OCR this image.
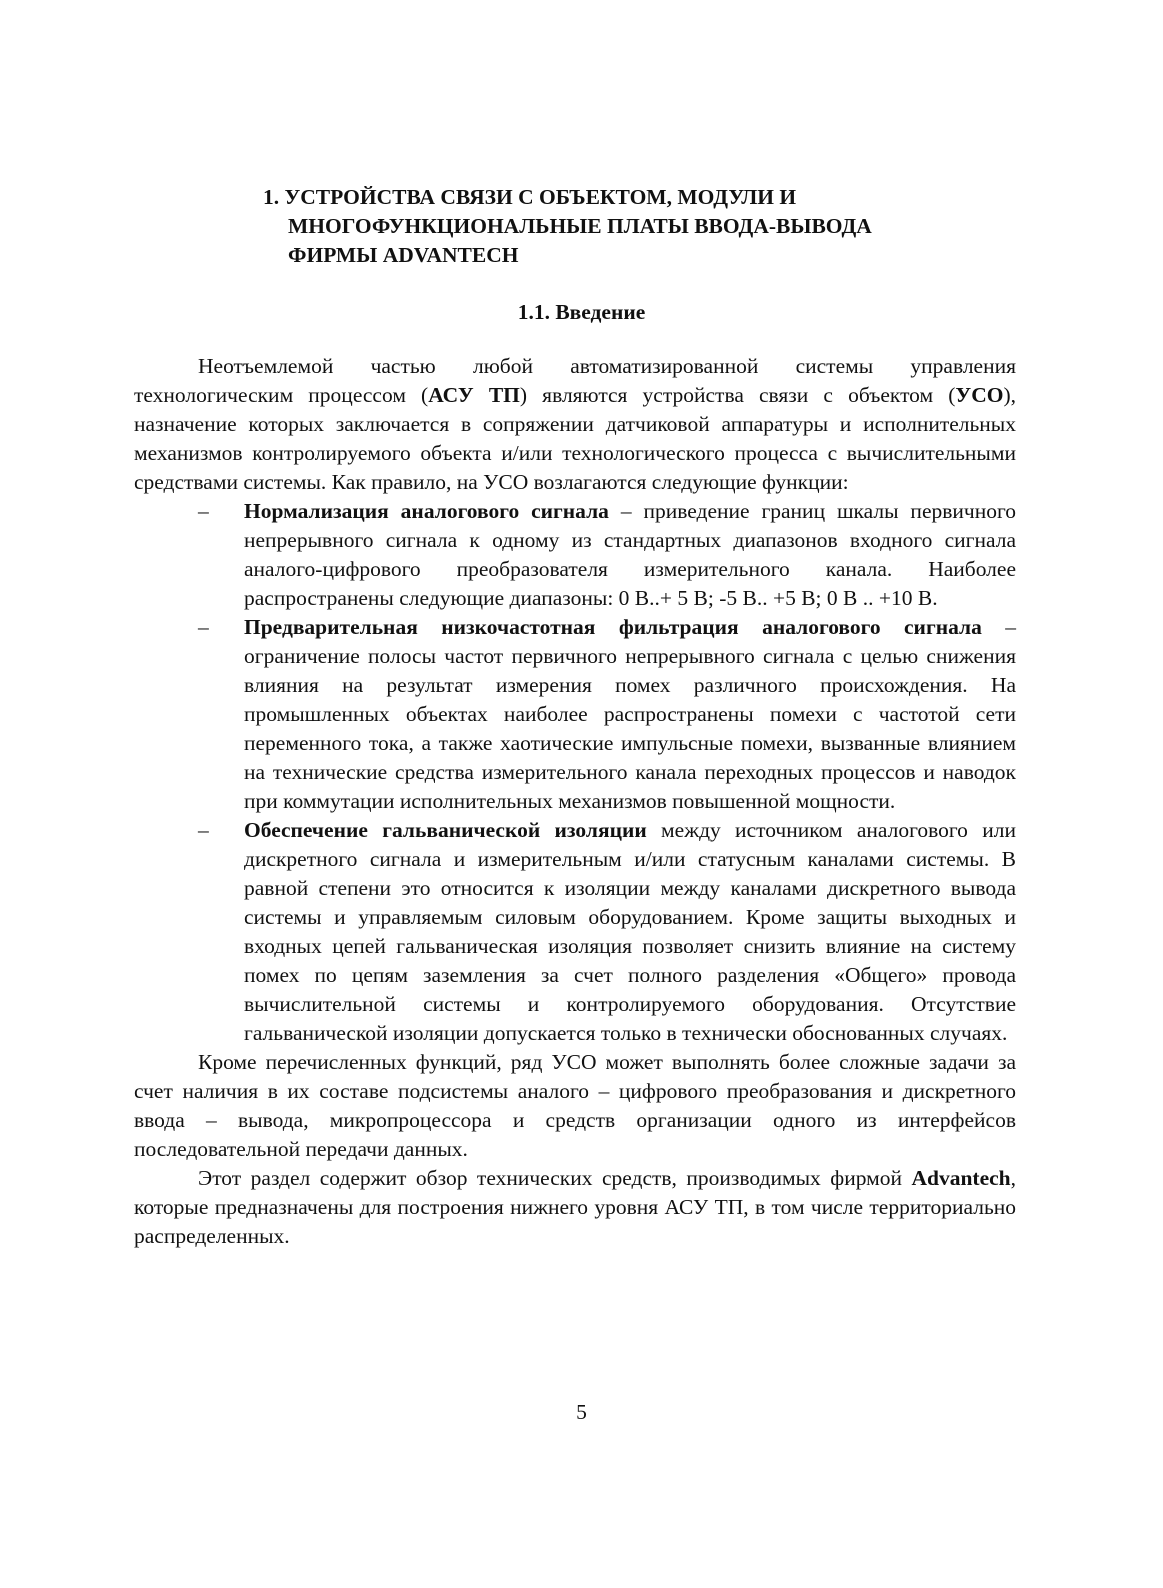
1. УСТРОЙСТВА СВЯЗИ С ОБЪЕКТОМ, МОДУЛИ И
МНОГОФУНКЦИОНАЛЬНЫЕ ПЛАТЫ ВВОДА-ВЫВОДА
ФИРМЫ ADVANTECH
1.1. Введение

Неотъемлемой частью любой автоматизированной системы управления технологическим процессом (АСУ ТП) являются устройства связи с объектом (УСО), назначение которых заключается в сопряжении датчиковой аппаратуры и исполнительных механизмов контролируемого объекта и/или технологического процесса с вычислительными средствами системы. Как правило, на УСО возлагаются следующие функции:

– Нормализация аналогового сигнала – приведение границ шкалы первичного непрерывного сигнала к одному из стандартных диапазонов входного сигнала аналого-цифрового преобразователя измерительного канала. Наиболее распространены следующие диапазоны: 0 В..+ 5 В; -5 В.. +5 В; 0 В .. +10 В.
– Предварительная низкочастотная фильтрация аналогового сигнала – ограничение полосы частот первичного непрерывного сигнала с целью снижения влияния на результат измерения помех различного происхождения. На промышленных объектах наиболее распространены помехи с частотой сети переменного тока, а также хаотические импульсные помехи, вызванные влиянием на технические средства измерительного канала переходных процессов и наводок при коммутации исполнительных механизмов повышенной мощности.
– Обеспечение гальванической изоляции между источником аналогового или дискретного сигнала и измерительным и/или статусным каналами системы. В равной степени это относится к изоляции между каналами дискретного вывода системы и управляемым силовым оборудованием. Кроме защиты выходных и входных цепей гальваническая изоляция позволяет снизить влияние на систему помех по цепям заземления за счет полного разделения «Общего» провода вычислительной системы и контролируемого оборудования. Отсутствие гальванической изоляции допускается только в технически обоснованных случаях.

Кроме перечисленных функций, ряд УСО может выполнять более сложные задачи за счет наличия в их составе подсистемы аналого – цифрового преобразования и дискретного ввода – вывода, микропроцессора и средств организации одного из интерфейсов последовательной передачи данных.

Этот раздел содержит обзор технических средств, производимых фирмой Advantech, которые предназначены для построения нижнего уровня АСУ ТП, в том числе территориально распределенных.

5
